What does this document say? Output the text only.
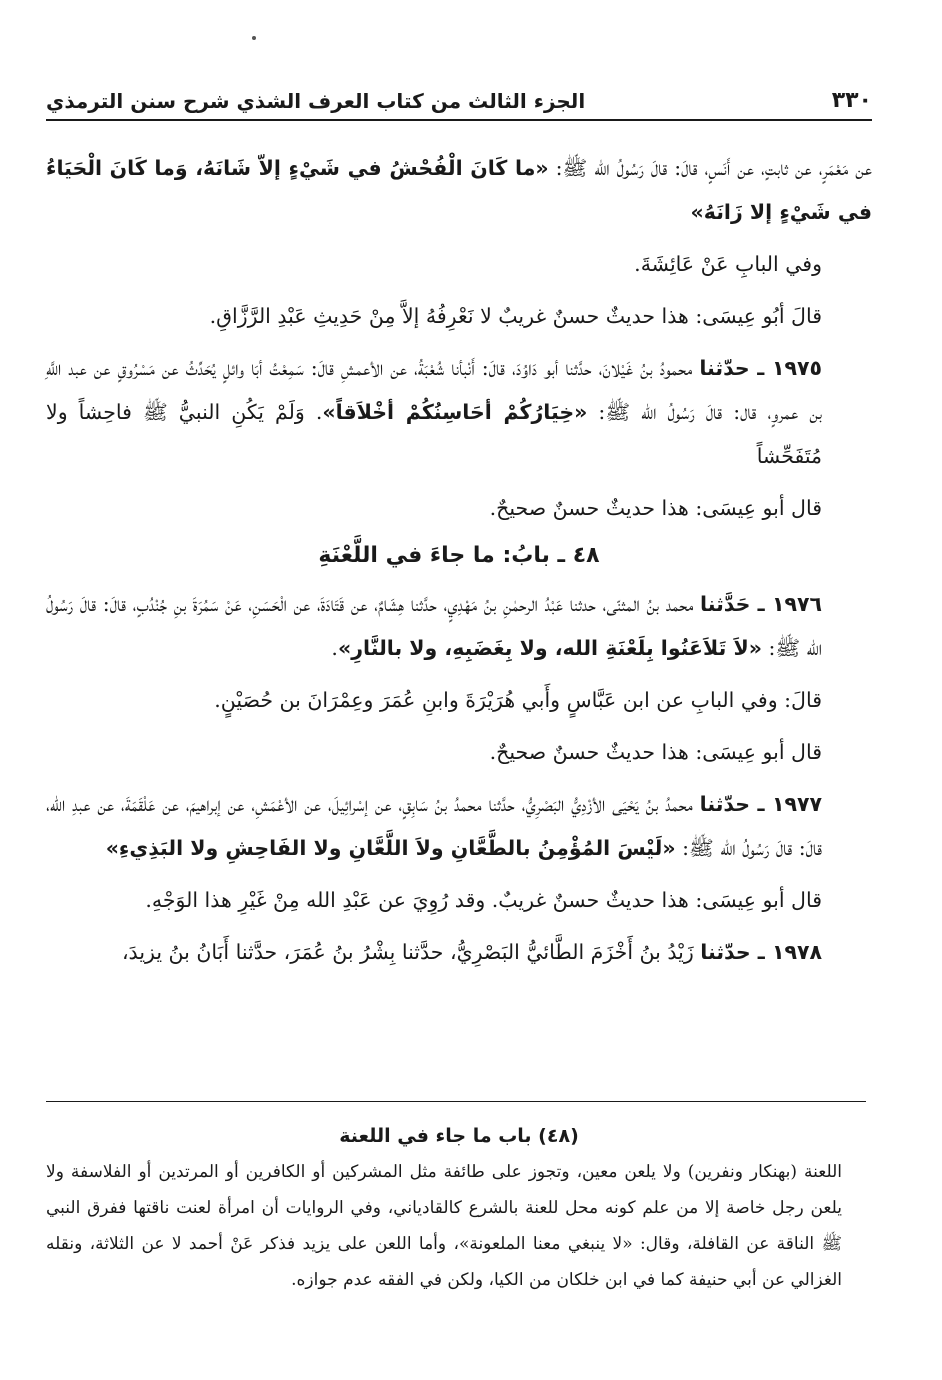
٣٣٠
الجزء الثالث من كتاب العرف الشذي شرح سنن الترمذي

عن مَعْمَرٍ، عن ثابتٍ، عن أَنَسٍ، قالَ: قالَ رَسُولُ الله ﷺ: «ما كَانَ الْفُحْشُ في شَيْءٍ إلاّ شَانَهُ، وَما كَانَ الْحَيَاءُ في شَيْءٍ إلا زَانَهُ»

وفي البابِ عَنْ عَائِشَةَ.

قالَ أبُو عِيسَى: هذا حديثٌ حسنٌ غريبٌ لا نَعْرِفُهُ إلاَّ مِنْ حَدِيثِ عَبْدِ الرَّزَّاقِ.

١٩٧٥ ـ حدّثنا محمودُ بنُ غَيْلانَ، حدَّثنا أبو دَاوُدَ، قالَ: أَنْبأنا شُعْبَةُ، عن الأعمشِ قالَ: سَمِعْتُ أبَا وائلٍ يُحَدِّثُ عن مَسْرُوقٍ عن عبد اللَّهِ بن عمروٍ، قال: قالَ رَسُولُ الله ﷺ: «خِيَارُكُمْ أحَاسِنُكُمْ أخْلاَقاً». وَلَمْ يَكُنِ النبيُّ ﷺ فاحِشاً ولا مُتَفَحِّشاً

قال أبو عِيسَى: هذا حديثٌ حسنٌ صحيحٌ.

٤٨ ـ بابُ: ما جاءَ في اللَّعْنَةِ

١٩٧٦ ـ حَدَّثنا محمد بنُ المثنّى، حدثنا عَبْدُ الرحمٰنِ بنُ مَهْدِيٍ، حدَّثنا هِشَامٌ، عن قَتَادَةَ، عن الْحَسَنِ، عَنْ سَمُرَةَ بنِ جُنْدُبٍ، قالَ: قالَ رَسُولُ الله ﷺ: «لاَ تَلاَعَنُوا بِلَعْنَةِ الله، ولا بِغَضَبِهِ، ولا بالنَّارِ».

قالَ: وفي البابِ عن ابن عَبَّاسٍ وأَبي هُرَيْرَةَ وابنِ عُمَرَ وعِمْرَانَ بن حُصَيْنٍ.

قال أبو عِيسَى: هذا حديثٌ حسنٌ صحيحٌ.

١٩٧٧ ـ حدّثنا محمدُ بنُ يَحْيَى الأزْدِيُّ البَصْرِيُّ، حدَّثنا محمدُ بنُ سَابِقٍ، عن إسْرائِيلَ، عن الأعْمَشِ، عن إبراهيمَ، عن عَلْقَمَةَ، عن عبدِ الله، قالَ: قالَ رَسُولُ الله ﷺ: «لَيْسَ المُؤْمِنُ بالطَّعَّانِ ولاَ اللَّعَّانِ ولا الفَاحِشِ ولا البَذِيءِ»

قال أبو عِيسَى: هذا حديثٌ حسنٌ غريبٌ. وقد رُوِيَ عن عَبْدِ الله مِنْ غَيْرِ هذا الوَجْهِ.

١٩٧٨ ـ حدّثنا زَيْدُ بنُ أَخْزَمَ الطَّائيُّ البَصْرِيُّ، حدَّثنا بِشْرُ بنُ عُمَرَ، حدَّثنا أَبَانُ بنُ يزيدَ،

(٤٨) باب ما جاء في اللعنة

اللعنة (بهنكار ونفرين) ولا يلعن معين، وتجوز على طائفة مثل المشركين أو الكافرين أو المرتدين أو الفلاسفة ولا يلعن رجل خاصة إلا من علم كونه محل للعنة بالشرع كالقادياني، وفي الروايات أن امرأة لعنت ناقتها ففرق النبي ﷺ الناقة عن القافلة، وقال: «لا ينبغي معنا الملعونة»، وأما اللعن على يزيد فذكر عَنْ أحمد لا عن الثلاثة، ونقله الغزالي عن أبي حنيفة كما في ابن خلكان من الكيا، ولكن في الفقه عدم جوازه.
